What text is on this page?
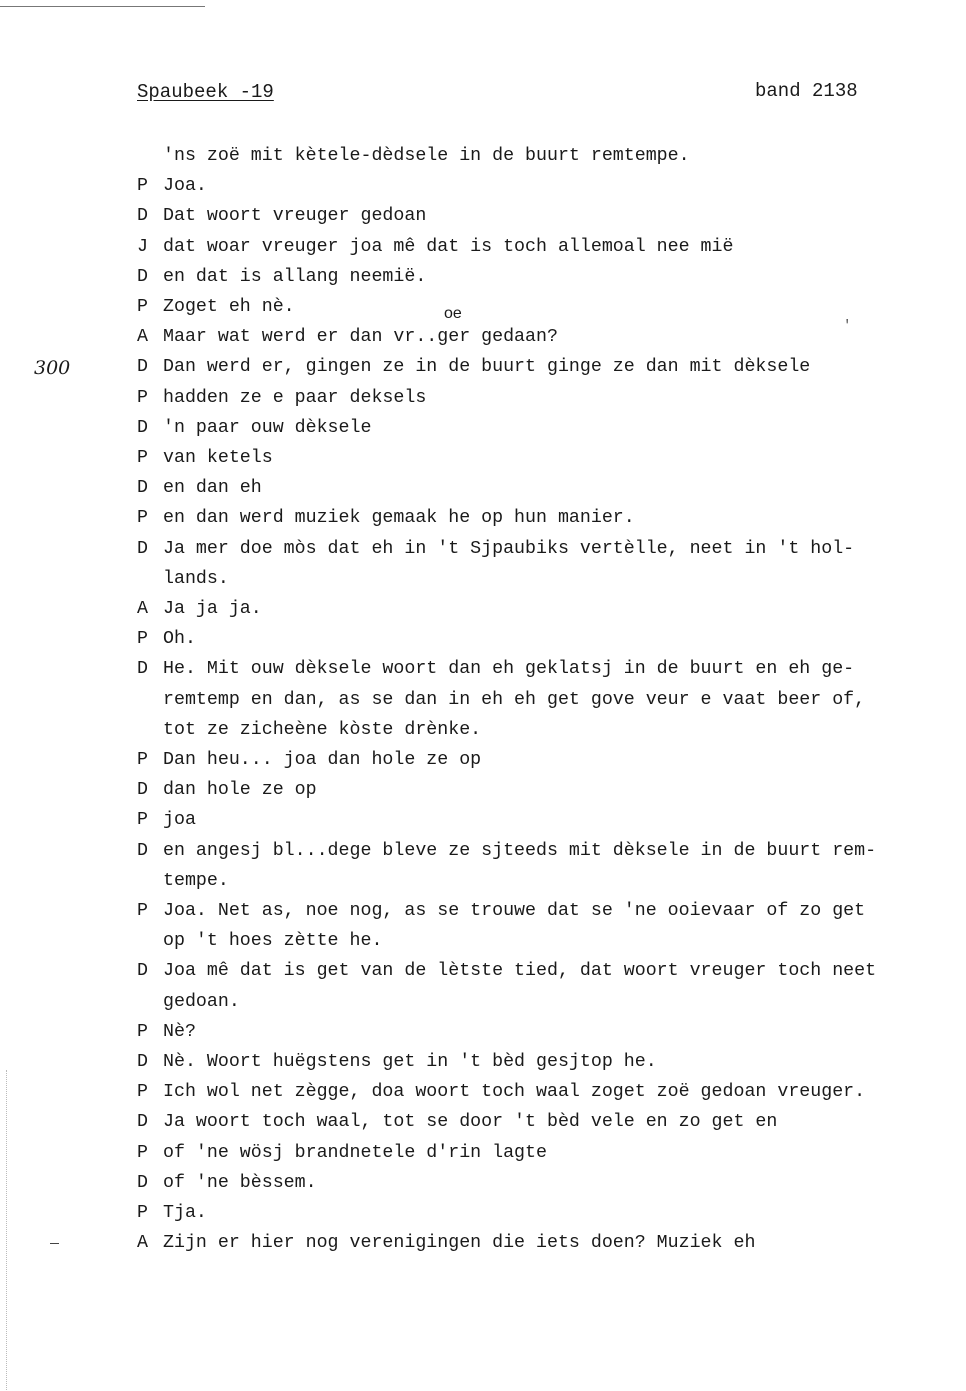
Spaubeek -19	band 2138
300
oe
'
'ns zoë mit kètele-dèdsele in de buurt remtempe.
P Joa.
D Dat woort vreuger gedoan
J dat woar vreuger joa mê dat is toch allemoal nee mië
D en dat is allang neemië.
P Zoget eh nè.
A Maar wat werd er dan vr..ger gedaan?
D Dan werd er, gingen ze in de buurt ginge ze dan mit dèksele
P hadden ze e paar deksels
D 'n paar ouw dèksele
P van ketels
D en dan eh
P en dan werd muziek gemaak he op hun manier.
D Ja mer doe mòs dat eh in 't Sjpaubiks vertèlle, neet in 't hol-
lands.
A Ja ja ja.
P Oh.
D He. Mit ouw dèksele woort dan eh geklatsj in de buurt en eh ge-
remtemp en dan, as se dan in eh eh get gove veur e vaat beer of,
tot ze zicheène kòste drènke.
P Dan heu... joa dan hole ze op
D dan hole ze op
P joa
D en angesj bl...dege bleve ze sjteeds mit dèksele in de buurt rem-
tempe.
P Joa. Net as, noe nog, as se trouwe dat se 'ne ooievaar of zo get
op 't hoes zètte he.
D Joa mê dat is get van de lètste tied, dat woort vreuger toch neet
gedoan.
P Nè?
D Nè. Woort huëgstens get in 't bèd gesjtop he.
P Ich wol net zègge, doa woort toch waal zoget zoë gedoan vreuger.
D Ja woort toch waal, tot se door 't bèd vele en zo get en
P of 'ne wösj brandnetele d'rin lagte
D of 'ne bèssem.
P Tja.
A Zijn er hier nog verenigingen die iets doen? Muziek eh
